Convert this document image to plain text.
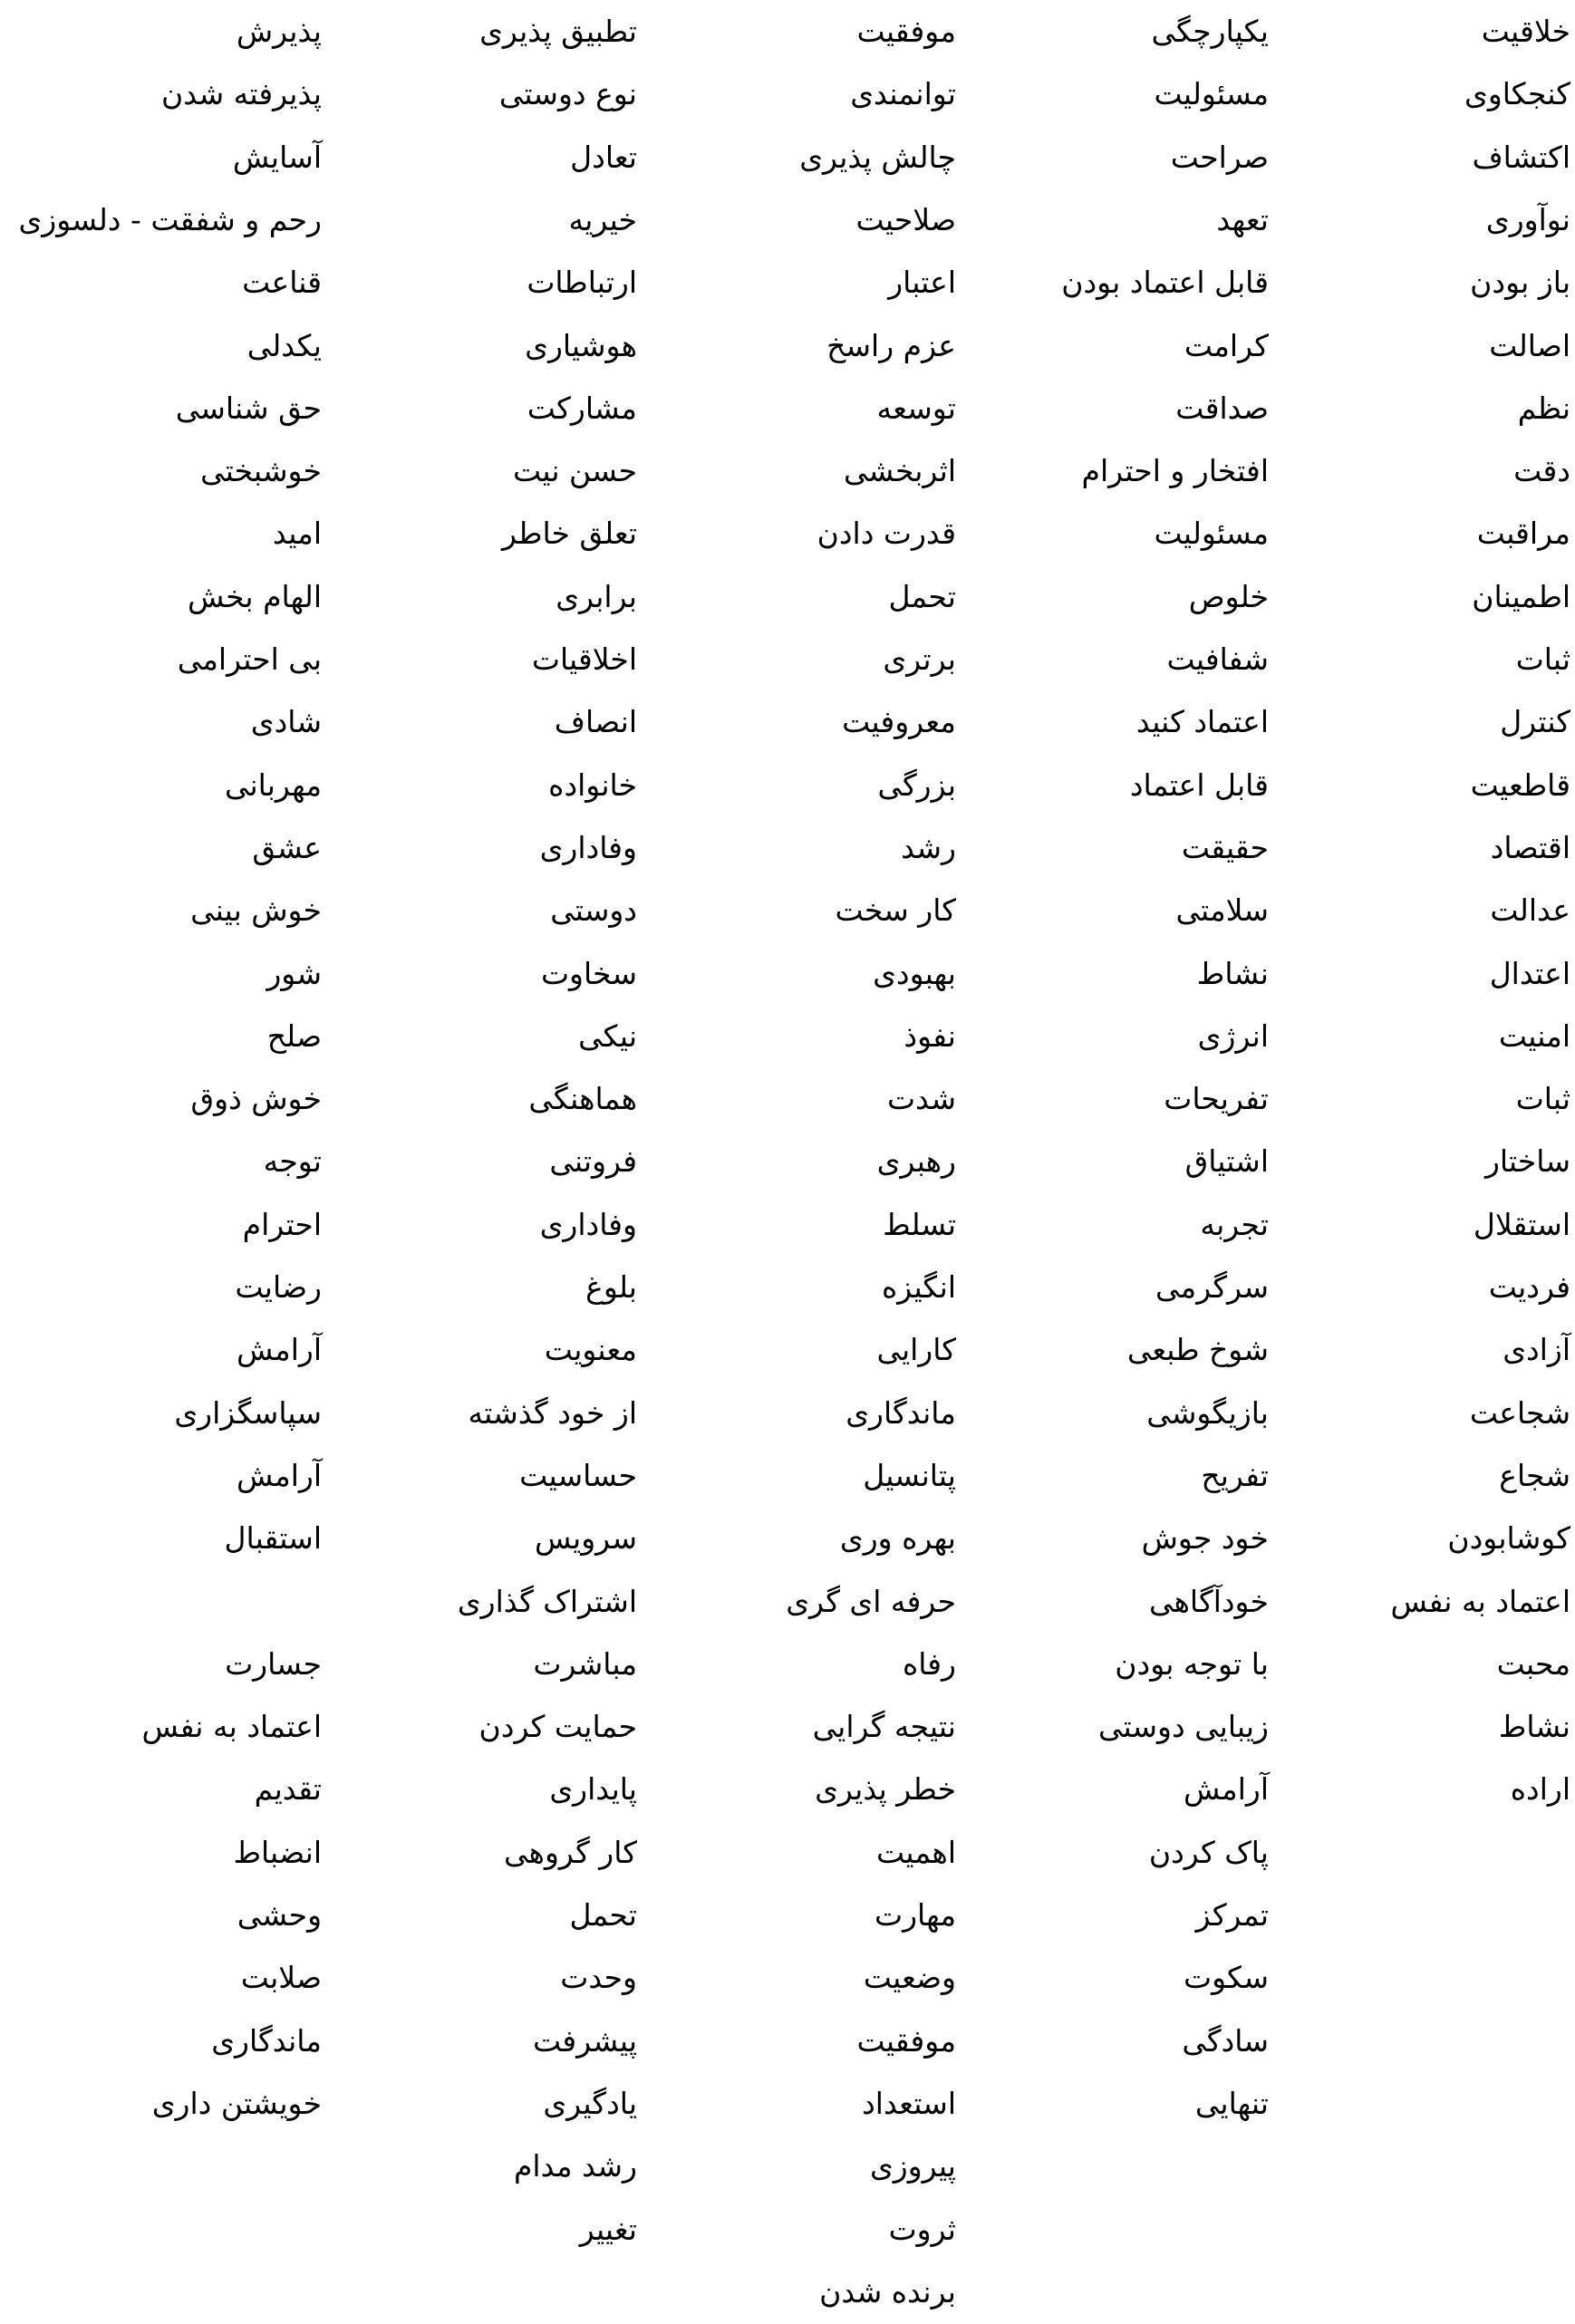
خلاقیت
کنجکاوی
اکتشاف
نوآوری
باز بودن
اصالت
نظم
دقت
مراقبت
اطمینان
ثبات
کنترل
قاطعیت
اقتصاد
عدالت
اعتدال
امنیت
ثبات
ساختار
استقلال
فردیت
آزادی
شجاعت
شجاع
کوشابودن
اعتماد به نفس
محبت
نشاط
اراده
یکپارچگی
مسئولیت
صراحت
تعهد
قابل اعتماد بودن
کرامت
صداقت
افتخار و احترام
مسئولیت
خلوص
شفافیت
اعتماد کنید
قابل اعتماد
حقیقت
سلامتی
نشاط
انرژی
تفریحات
اشتیاق
تجربه
سرگرمی
شوخ طبعی
بازیگوشی
تفریح
خود جوش
خودآگاهی
با توجه بودن
زیبایی دوستی
آرامش
پاک کردن
تمرکز
سکوت
سادگی
تنهایی
موفقیت
توانمندی
چالش پذیری
صلاحیت
اعتبار
عزم راسخ
توسعه
اثربخشی
قدرت دادن
تحمل
برتری
معروفیت
بزرگی
رشد
کار سخت
بهبودی
نفوذ
شدت
رهبری
تسلط
انگیزه
کارایی
ماندگاری
پتانسیل
بهره وری
حرفه ای گری
رفاه
نتیجه گرایی
خطر پذیری
اهمیت
مهارت
وضعیت
موفقیت
استعداد
پیروزی
ثروت
برنده شدن
تطبیق پذیری
نوع دوستی
تعادل
خیریه
ارتباطات
هوشیاری
مشارکت
حسن نیت
تعلق خاطر
برابری
اخلاقیات
انصاف
خانواده
وفاداری
دوستی
سخاوت
نیکی
هماهنگی
فروتنی
وفاداری
بلوغ
معنویت
از خود گذشته
حساسیت
سرویس
اشتراک گذاری
مباشرت
حمایت کردن
پایداری
کار گروهی
تحمل
وحدت
پیشرفت
یادگیری
رشد مدام
تغییر
پذیرش
پذیرفته شدن
آسایش
رحم و شفقت - دلسوزی
قناعت
یکدلی
حق شناسی
خوشبختی
امید
الهام بخش
بی احترامی
شادی
مهربانی
عشق
خوش بینی
شور
صلح
خوش ذوق
توجه
احترام
رضایت
آرامش
سپاسگزاری
آرامش
استقبال
جسارت
اعتماد به نفس
تقدیم
انضباط
وحشی
صلابت
ماندگاری
خویشتن داری
